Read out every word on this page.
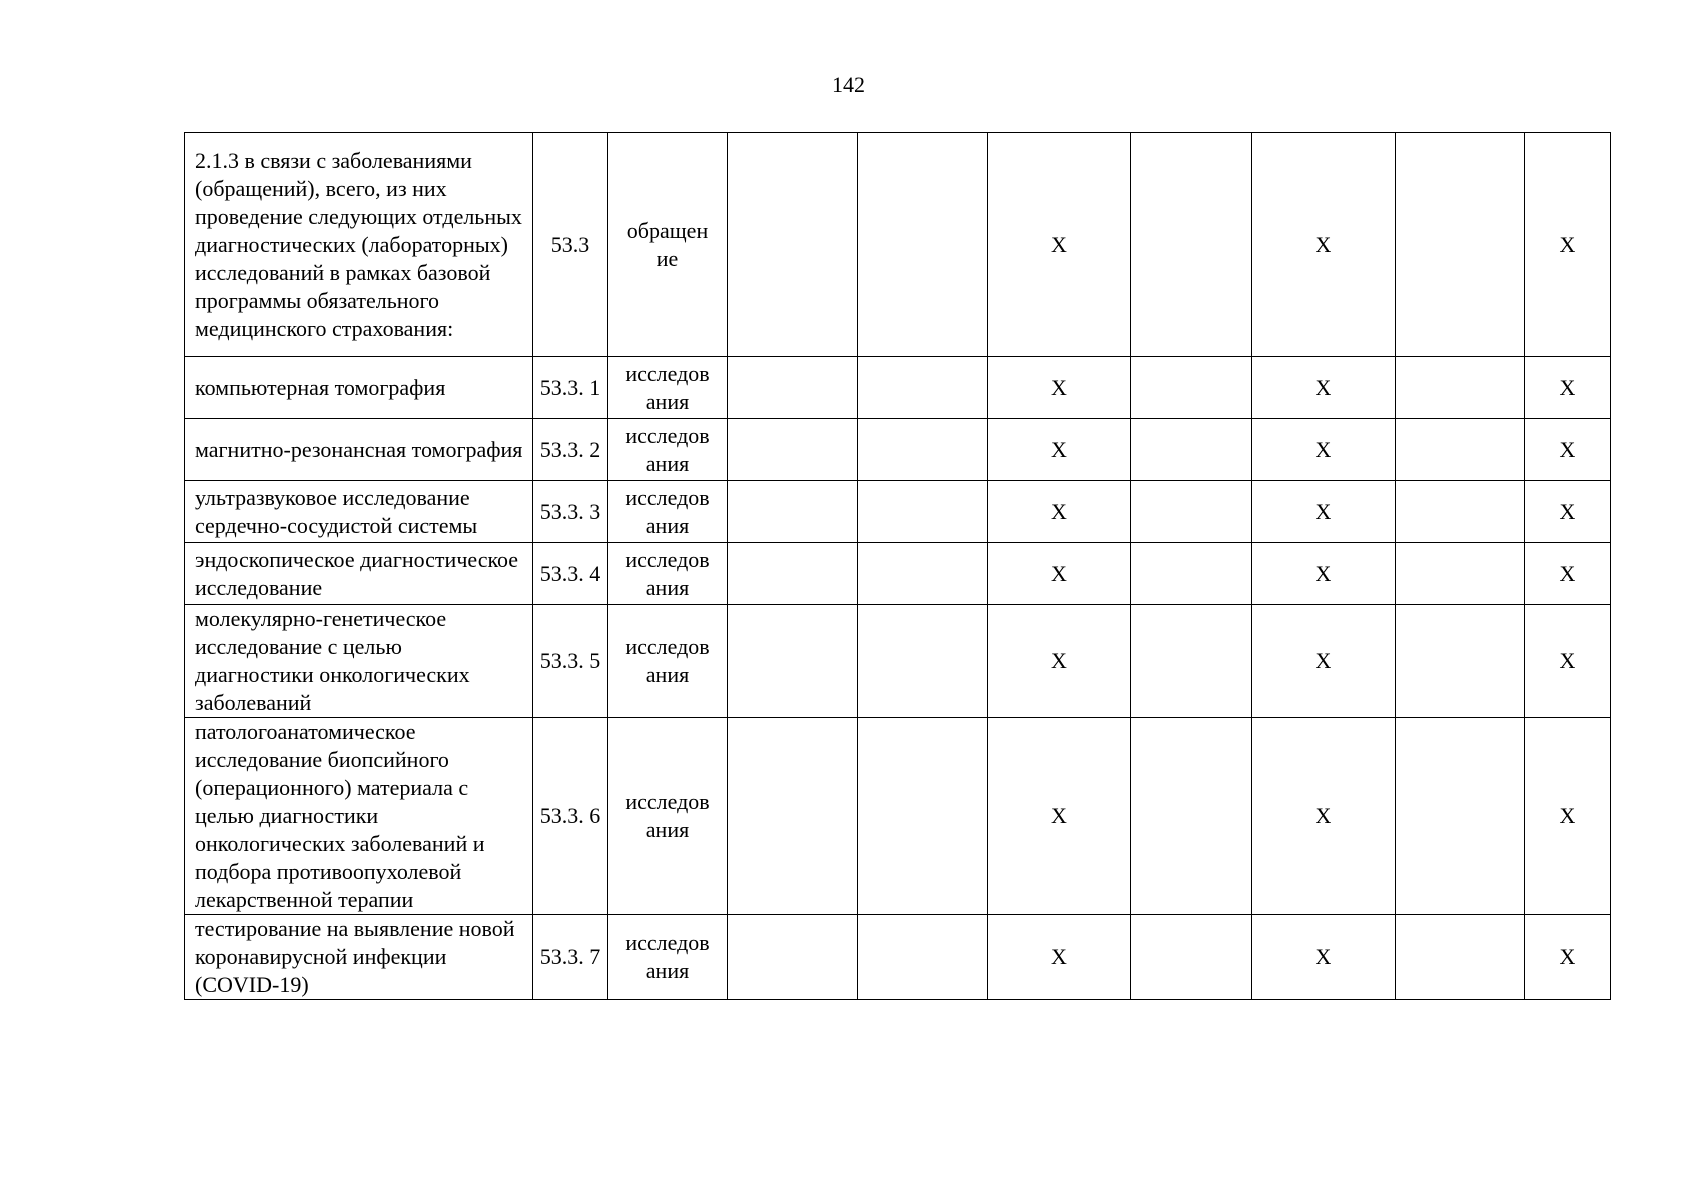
142
2.1.3 в связи с заболеваниями (обращений), всего, из них проведение следующих отдельных диагностических (лабораторных) исследований в рамках базовой программы обязательного медицинского страхования:	53.3	обращен ие			X		X		X
компьютерная томография	53.3. 1	исследов ания			X		X		X
магнитно-резонансная томография	53.3. 2	исследов ания			X		X		X
ультразвуковое исследование сердечно-сосудистой системы	53.3. 3	исследов ания			X		X		X
эндоскопическое диагностическое исследование	53.3. 4	исследов ания			X		X		X
молекулярно-генетическое исследование с целью диагностики онкологических заболеваний	53.3. 5	исследов ания			X		X		X
патологоанатомическое исследование биопсийного (операционного) материала с целью диагностики онкологических заболеваний и подбора противоопухолевой лекарственной терапии	53.3. 6	исследов ания			X		X		X
тестирование на выявление новой коронавирусной инфекции (COVID-19)	53.3. 7	исследов ания			X		X		X
